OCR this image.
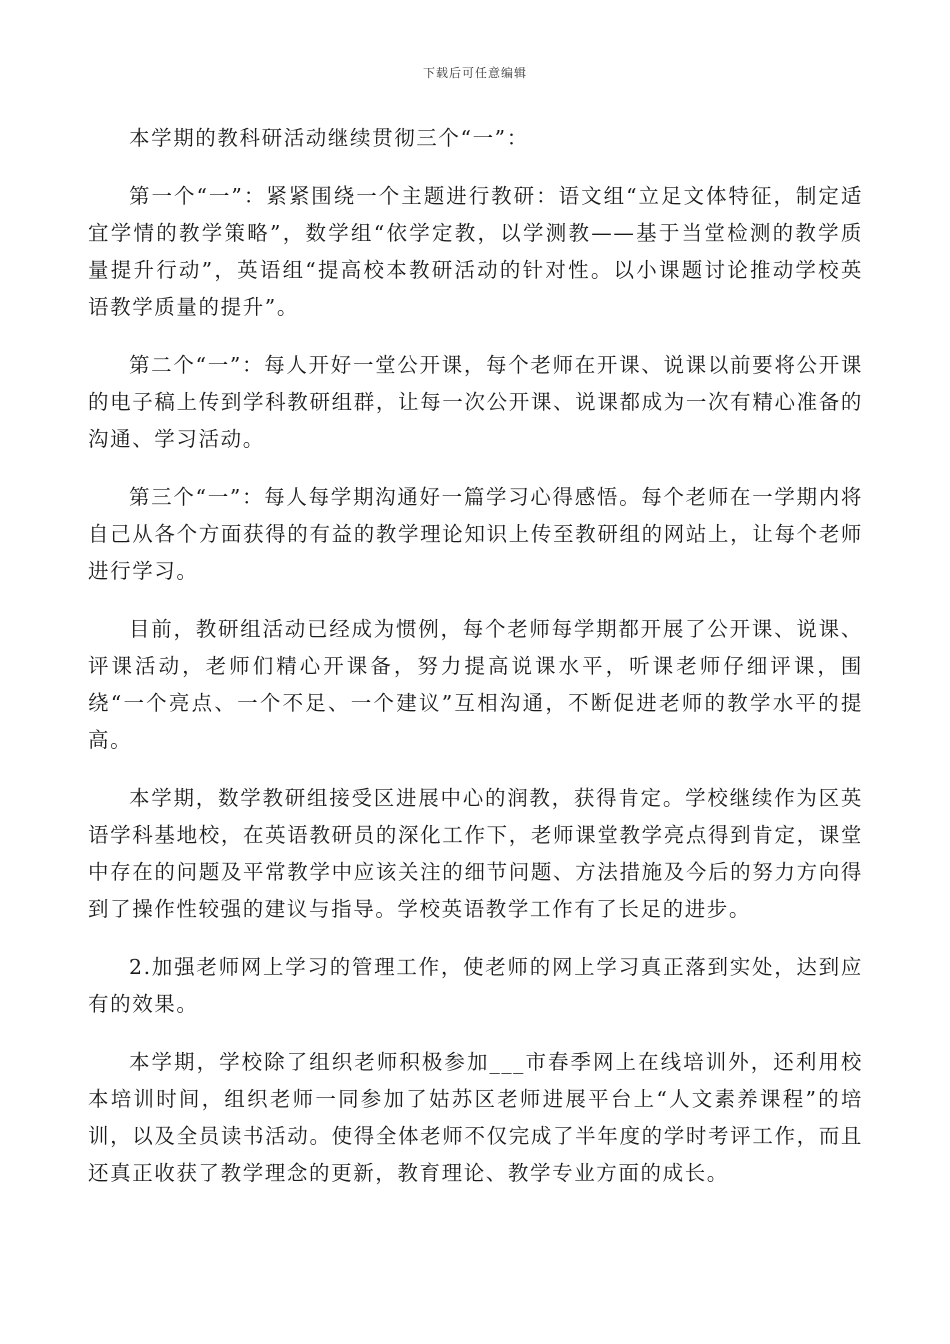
下载后可任意编辑

本学期的教科研活动继续贯彻三个“一”：

第一个“一”：紧紧围绕一个主题进行教研：语文组“立足文体特征，制定适宜学情的教学策略”，数学组“依学定教，以学测教——基于当堂检测的教学质量提升行动”，英语组“提高校本教研活动的针对性。以小课题讨论推动学校英语教学质量的提升”。

第二个“一”：每人开好一堂公开课，每个老师在开课、说课以前要将公开课的电子稿上传到学科教研组群，让每一次公开课、说课都成为一次有精心准备的沟通、学习活动。

第三个“一”：每人每学期沟通好一篇学习心得感悟。每个老师在一学期内将自己从各个方面获得的有益的教学理论知识上传至教研组的网站上，让每个老师进行学习。

目前，教研组活动已经成为惯例，每个老师每学期都开展了公开课、说课、评课活动，老师们精心开课备，努力提高说课水平，听课老师仔细评课，围绕“一个亮点、一个不足、一个建议”互相沟通，不断促进老师的教学水平的提高。

本学期，数学教研组接受区进展中心的润教，获得肯定。学校继续作为区英语学科基地校，在英语教研员的深化工作下，老师课堂教学亮点得到肯定，课堂中存在的问题及平常教学中应该关注的细节问题、方法措施及今后的努力方向得到了操作性较强的建议与指导。学校英语教学工作有了长足的进步。

2.加强老师网上学习的管理工作，使老师的网上学习真正落到实处，达到应有的效果。

本学期，学校除了组织老师积极参加___市春季网上在线培训外，还利用校本培训时间，组织老师一同参加了姑苏区老师进展平台上“人文素养课程”的培训，以及全员读书活动。使得全体老师不仅完成了半年度的学时考评工作，而且还真正收获了教学理念的更新，教育理论、教学专业方面的成长。
